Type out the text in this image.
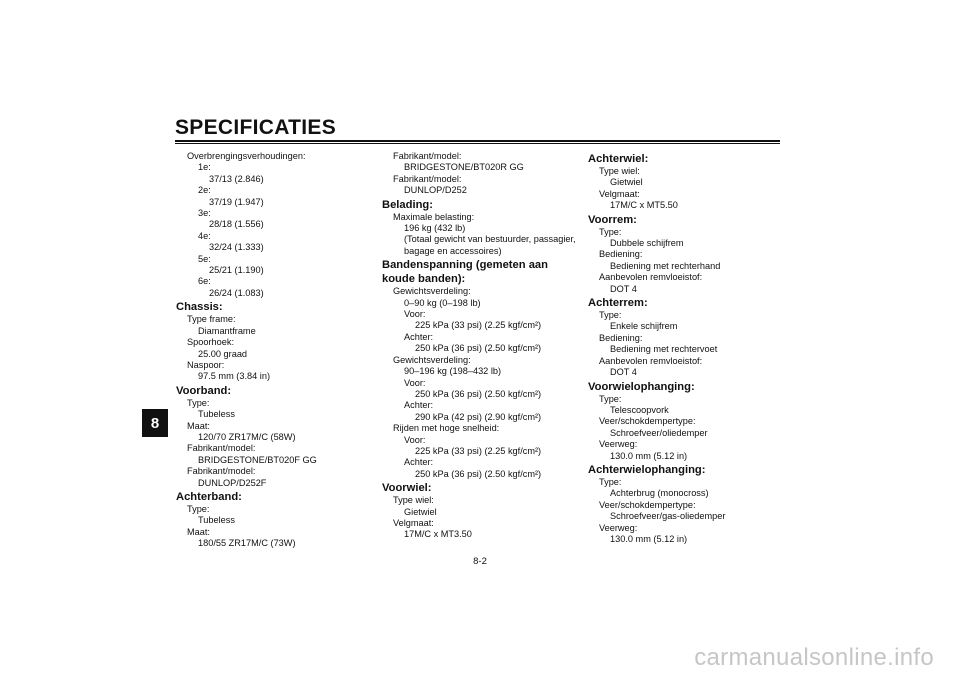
SPECIFICATIES
8
Overbrengingsverhoudingen:
1e:
37/13 (2.846)
2e:
37/19 (1.947)
3e:
28/18 (1.556)
4e:
32/24 (1.333)
5e:
25/21 (1.190)
6e:
26/24 (1.083)
Chassis:
Type frame:
Diamantframe
Spoorhoek:
25.00 graad
Naspoor:
97.5 mm (3.84 in)
Voorband:
Type:
Tubeless
Maat:
120/70 ZR17M/C (58W)
Fabrikant/model:
BRIDGESTONE/BT020F GG
Fabrikant/model:
DUNLOP/D252F
Achterband:
Type:
Tubeless
Maat:
180/55 ZR17M/C (73W)
Fabrikant/model:
BRIDGESTONE/BT020R GG
Fabrikant/model:
DUNLOP/D252
Belading:
Maximale belasting:
196 kg (432 lb)
(Totaal gewicht van bestuurder, passagier,
bagage en accessoires)
Bandenspanning (gemeten aan koude banden):
Gewichtsverdeling:
0–90 kg (0–198 lb)
Voor:
225 kPa (33 psi) (2.25 kgf/cm²)
Achter:
250 kPa (36 psi) (2.50 kgf/cm²)
Gewichtsverdeling:
90–196 kg (198–432 lb)
Voor:
250 kPa (36 psi) (2.50 kgf/cm²)
Achter:
290 kPa (42 psi) (2.90 kgf/cm²)
Rijden met hoge snelheid:
Voor:
225 kPa (33 psi) (2.25 kgf/cm²)
Achter:
250 kPa (36 psi) (2.50 kgf/cm²)
Voorwiel:
Type wiel:
Gietwiel
Velgmaat:
17M/C x MT3.50
Achterwiel:
Type wiel:
Gietwiel
Velgmaat:
17M/C x MT5.50
Voorrem:
Type:
Dubbele schijfrem
Bediening:
Bediening met rechterhand
Aanbevolen remvloeistof:
DOT 4
Achterrem:
Type:
Enkele schijfrem
Bediening:
Bediening met rechtervoet
Aanbevolen remvloeistof:
DOT 4
Voorwielophanging:
Type:
Telescoopvork
Veer/schokdempertype:
Schroefveer/oliedemper
Veerweg:
130.0 mm (5.12 in)
Achterwielophanging:
Type:
Achterbrug (monocross)
Veer/schokdempertype:
Schroefveer/gas-oliedemper
Veerweg:
130.0 mm (5.12 in)
8-2
carmanualsonline.info
